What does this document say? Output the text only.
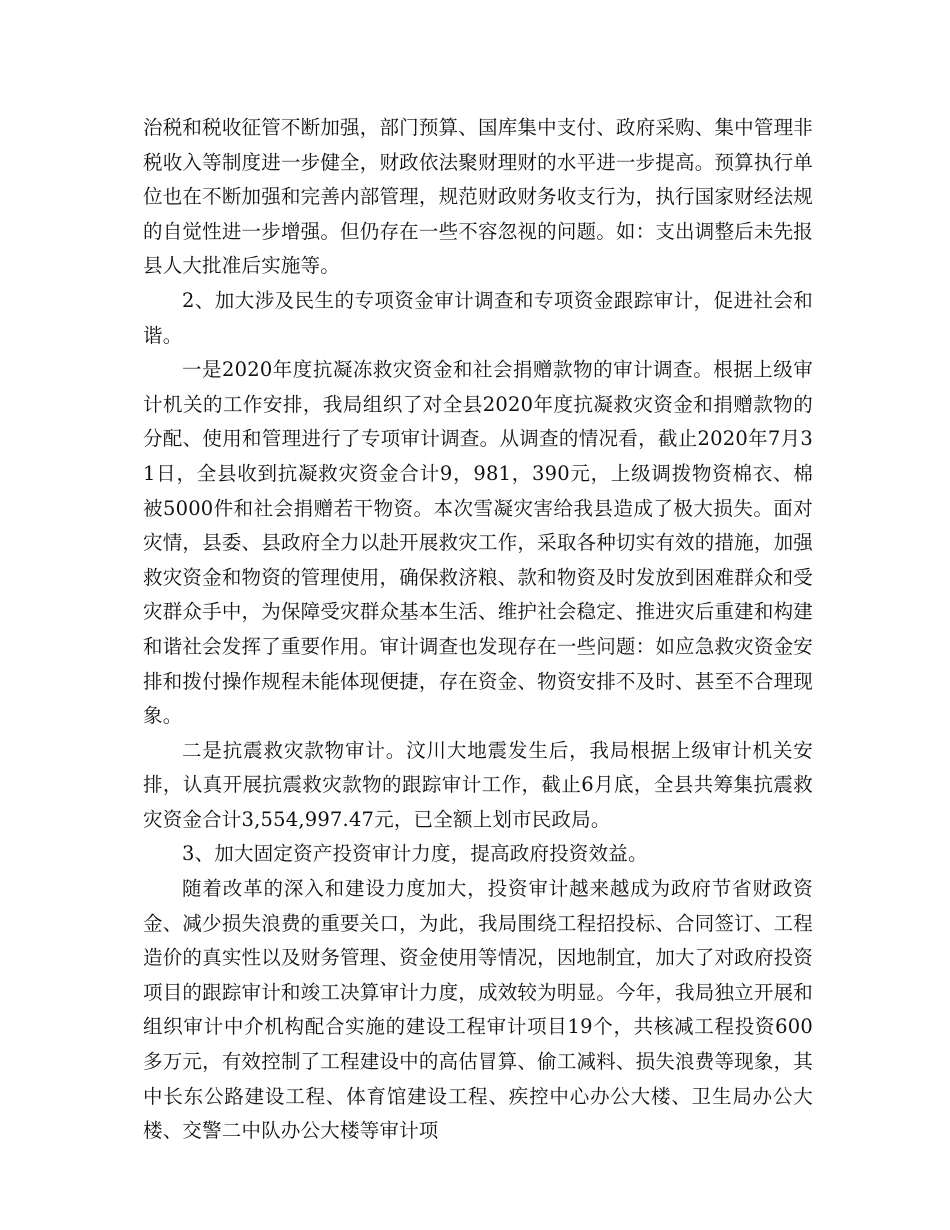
治税和税收征管不断加强，部门预算、国库集中支付、政府采购、集中管理非税收入等制度进一步健全，财政依法聚财理财的水平进一步提高。预算执行单位也在不断加强和完善内部管理，规范财政财务收支行为，执行国家财经法规的自觉性进一步增强。但仍存在一些不容忽视的问题。如：支出调整后未先报县人大批准后实施等。

2、加大涉及民生的专项资金审计调查和专项资金跟踪审计，促进社会和谐。

一是2020年度抗凝冻救灾资金和社会捐赠款物的审计调查。根据上级审计机关的工作安排，我局组织了对全县2020年度抗凝救灾资金和捐赠款物的分配、使用和管理进行了专项审计调查。从调查的情况看，截止2020年7月31日，全县收到抗凝救灾资金合计9，981，390元，上级调拨物资棉衣、棉被5000件和社会捐赠若干物资。本次雪凝灾害给我县造成了极大损失。面对灾情，县委、县政府全力以赴开展救灾工作，采取各种切实有效的措施，加强救灾资金和物资的管理使用，确保救济粮、款和物资及时发放到困难群众和受灾群众手中，为保障受灾群众基本生活、维护社会稳定、推进灾后重建和构建和谐社会发挥了重要作用。审计调查也发现存在一些问题：如应急救灾资金安排和拨付操作规程未能体现便捷，存在资金、物资安排不及时、甚至不合理现象。

二是抗震救灾款物审计。汶川大地震发生后，我局根据上级审计机关安排，认真开展抗震救灾款物的跟踪审计工作，截止6月底，全县共筹集抗震救灾资金合计3,554,997.47元，已全额上划市民政局。

3、加大固定资产投资审计力度，提高政府投资效益。

随着改革的深入和建设力度加大，投资审计越来越成为政府节省财政资金、减少损失浪费的重要关口，为此，我局围绕工程招投标、合同签订、工程造价的真实性以及财务管理、资金使用等情况，因地制宜，加大了对政府投资项目的跟踪审计和竣工决算审计力度，成效较为明显。今年，我局独立开展和组织审计中介机构配合实施的建设工程审计项目19个，共核减工程投资600多万元，有效控制了工程建设中的高估冒算、偷工减料、损失浪费等现象，其中长东公路建设工程、体育馆建设工程、疾控中心办公大楼、卫生局办公大楼、交警二中队办公大楼等审计项
